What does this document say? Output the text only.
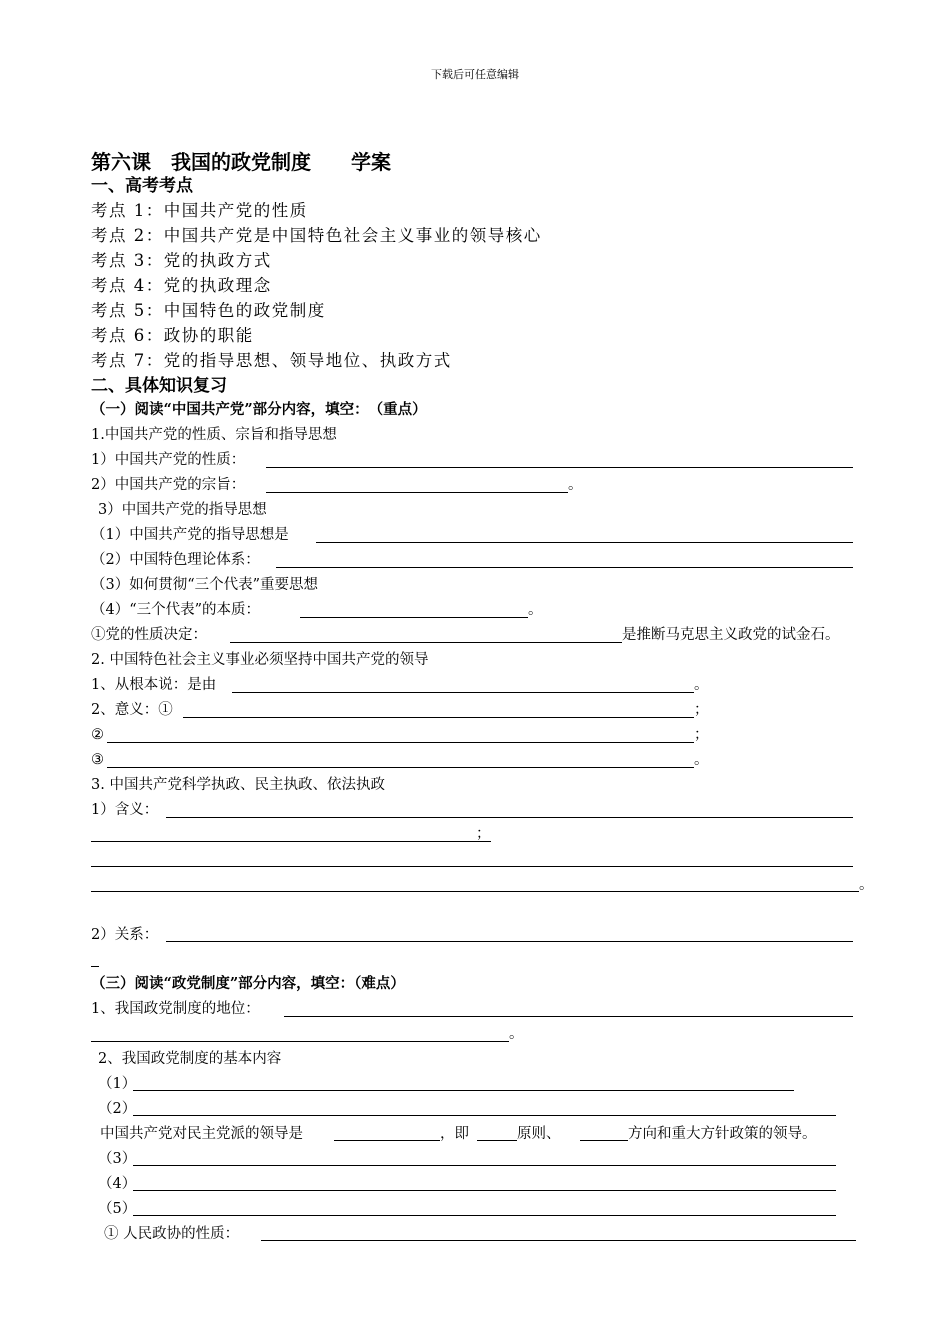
下载后可任意编辑
第六课　我国的政党制度　　学案
一、高考考点
考点 1：中国共产党的性质
考点 2：中国共产党是中国特色社会主义事业的领导核心
考点 3：党的执政方式
考点 4：党的执政理念
考点 5：中国特色的政党制度
考点 6：政协的职能
考点 7：党的指导思想、领导地位、执政方式
二、具体知识复习
（一）阅读“中国共产党”部分内容，填空：　（重点）
1.中国共产党的性质、宗旨和指导思想
1）中国共产党的性质：
2）中国共产党的宗旨：	。
3）中国共产党的指导思想
（1）中国共产党的指导思想是
（2）中国特色理论体系：
（3）如何贯彻“三个代表”重要思想
（4）“三个代表”的本质：	。
①党的性质决定：	是推断马克思主义政党的试金石。
2. 中国特色社会主义事业必须坚持中国共产党的领导
1、从根本说：是由	。
2、意义：①	；
②	；
③	。
3. 中国共产党科学执政、民主执政、依法执政
1）含义：
；
。
2）关系：
（三）阅读“政党制度”部分内容，填空：（难点）
1、我国政党制度的地位：
。
2、我国政党制度的基本内容
（1）
（2）
中国共产党对民主党派的领导是	，即	原则、	方向和重大方针政策的领导。
（3）
（4）
（5）
① 人民政协的性质：
